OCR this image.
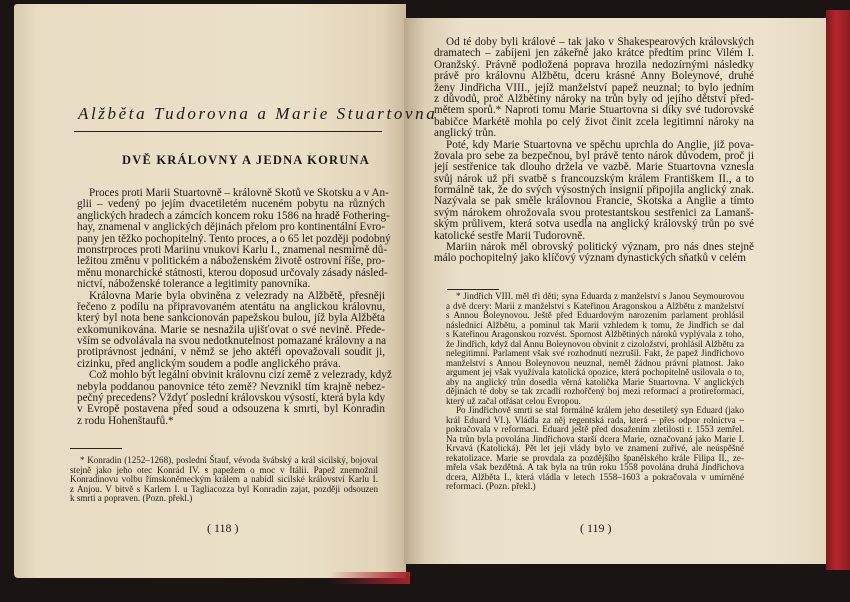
Alžběta Tudorovna a Marie Stuartovna
DVĚ KRÁLOVNY A JEDNA KORUNA
Proces proti Marii Stuartovně – královně Skotů ve Skotsku a v An-
glii – vedený po jejím dvacetiletém nuceném pobytu na různých
anglických hradech a zámcích koncem roku 1586 na hradě Fothering-
hay, znamenal v anglických dějinách přelom pro kontinentální Evro-
pany jen těžko pochopitelný. Tento proces, a o 65 let později podobný
monstrproces proti Mariinu vnukovi Karlu I., znamenal nesmírně dů-
ležitou změnu v politickém a náboženském životě ostrovní říše, pro-
měnu monarchické státnosti, kterou doposud určovaly zásady násled-
nictví, náboženské tolerance a legitimity panovníka.
Královna Marie byla obviněna z velezrady na Alžbětě, přesněji
řečeno z podílu na připravovaném atentátu na anglickou královnu,
který byl nota bene sankcionován papežskou bulou, jíž byla Alžběta
exkomunikována. Marie se nesnažila ujišťovat o své nevině. Přede-
vším se odvolávala na svou nedotknutelnost pomazané královny a na
protiprávnost jednání, v němž se jeho aktéři opovažovali soudit ji,
cizinku, před anglickým soudem a podle anglického práva.
Což mohlo být legální obvinit královnu cizí země z velezrady, když
nebyla poddanou panovnice této země? Nevznikl tím krajně nebez-
pečný precedens? Vždyť poslední královskou výsostí, která byla kdy
v Evropě postavena před soud a odsouzena k smrti, byl Konradin
z rodu Hohenštaufů.*
* Konradin (1252–1268), poslední Štauf, vévoda švábský a král sicilský, bojoval
stejně jako jeho otec Konrád IV. s papežem o moc v Itálii. Papež znemožnil
Konradinovu volbu římskoněmeckým králem a nabídl sicilské království Karlu I.
z Anjou. V bitvě s Karlem I. u Tagliacozza byl Konradin zajat, později odsouzen
k smrti a popraven. (Pozn. překl.)
( 118 )
Od té doby byli králové – tak jako v Shakespearových královských
dramatech – zabíjeni jen zákeřně jako krátce předtím princ Vilém I.
Oranžský. Právně podložená poprava hrozila nedozírnými následky
právě pro královnu Alžbětu, dceru krásné Anny Boleynové, druhé
ženy Jindřicha VIII., jejíž manželství papež neuznal; to bylo jedním
z důvodů, proč Alžbětiny nároky na trůn byly od jejího dětství před-
mětem sporů.* Naproti tomu Marie Stuartovna si díky své tudorovské
babičce Markétě mohla po celý život činit zcela legitimní nároky na
anglický trůn.
Poté, kdy Marie Stuartovna ve spěchu uprchla do Anglie, již pova-
žovala pro sebe za bezpečnou, byl právě tento nárok důvodem, proč ji
její sestřenice tak dlouho držela ve vazbě. Marie Stuartovna vznesla
svůj nárok už při svatbě s francouzským králem Františkem II., a to
formálně tak, že do svých výsostných insignií připojila anglický znak.
Nazývala se pak směle královnou Francie, Skotska a Anglie a tímto
svým nárokem ohrožovala svou protestantskou sestřenici za Lamanš-
ským průlivem, která sotva usedla na anglický královský trůn po své
katolické sestře Marii Tudorovně.
Mariin nárok měl obrovský politický význam, pro nás dnes stejně
málo pochopitelný jako klíčový význam dynastických sňatků v celém
* Jindřich VIII. měl tři děti; syna Eduarda z manželství s Janou Seymourovou
a dvě dcery: Marii z manželství s Kateřinou Aragonskou a Alžbětu z manželství
s Annou Boleynovou. Ještě před Eduardovým narozením parlament prohlásil
následnicí Alžbětu, a pominul tak Marii vzhledem k tomu, že Jindřich se dal
s Kateřinou Aragonskou rozvést. Spornost Alžbětiných nároků vyplývala z toho,
že Jindřich, když dal Annu Boleynovou obvinit z cizoložství, prohlásil Alžbětu za
nelegitimní. Parlament však své rozhodnutí nezrušil. Fakt, že papež Jindřichovo
manželství s Annou Boleynovou neuznal, neměl žádnou právní platnost. Jako
argument jej však využívala katolická opozice, která pochopitelně usilovala o to,
aby na anglický trůn dosedla věrná katolička Marie Stuartovna. V anglických
dějinách té doby se tak zrcadlí rozhořčený boj mezi reformací a protireformací,
který už začal otřásat celou Evropou.
Po Jindřichově smrti se stal formálně králem jeho desetiletý syn Eduard (jako
král Eduard VI.). Vládla za něj regentská rada, která – přes odpor rolnictva –
pokračovala v reformaci. Eduard ještě před dosažením zletilosti r. 1553 zemřel.
Na trůn byla povolána Jindřichova starší dcera Marie, označovaná jako Marie I.
Krvavá (Katolická). Pět let její vlády bylo ve znamení zuřivé, ale neúspěšné
rekatolizace. Marie se provdala za pozdějšího španělského krále Filipa II., ze-
mřela však bezdětná. A tak byla na trůn roku 1558 povolána druhá Jindřichova
dcera, Alžběta I., která vládla v letech 1558–1603 a pokračovala v umírněné
reformaci. (Pozn. překl.)
( 119 )
